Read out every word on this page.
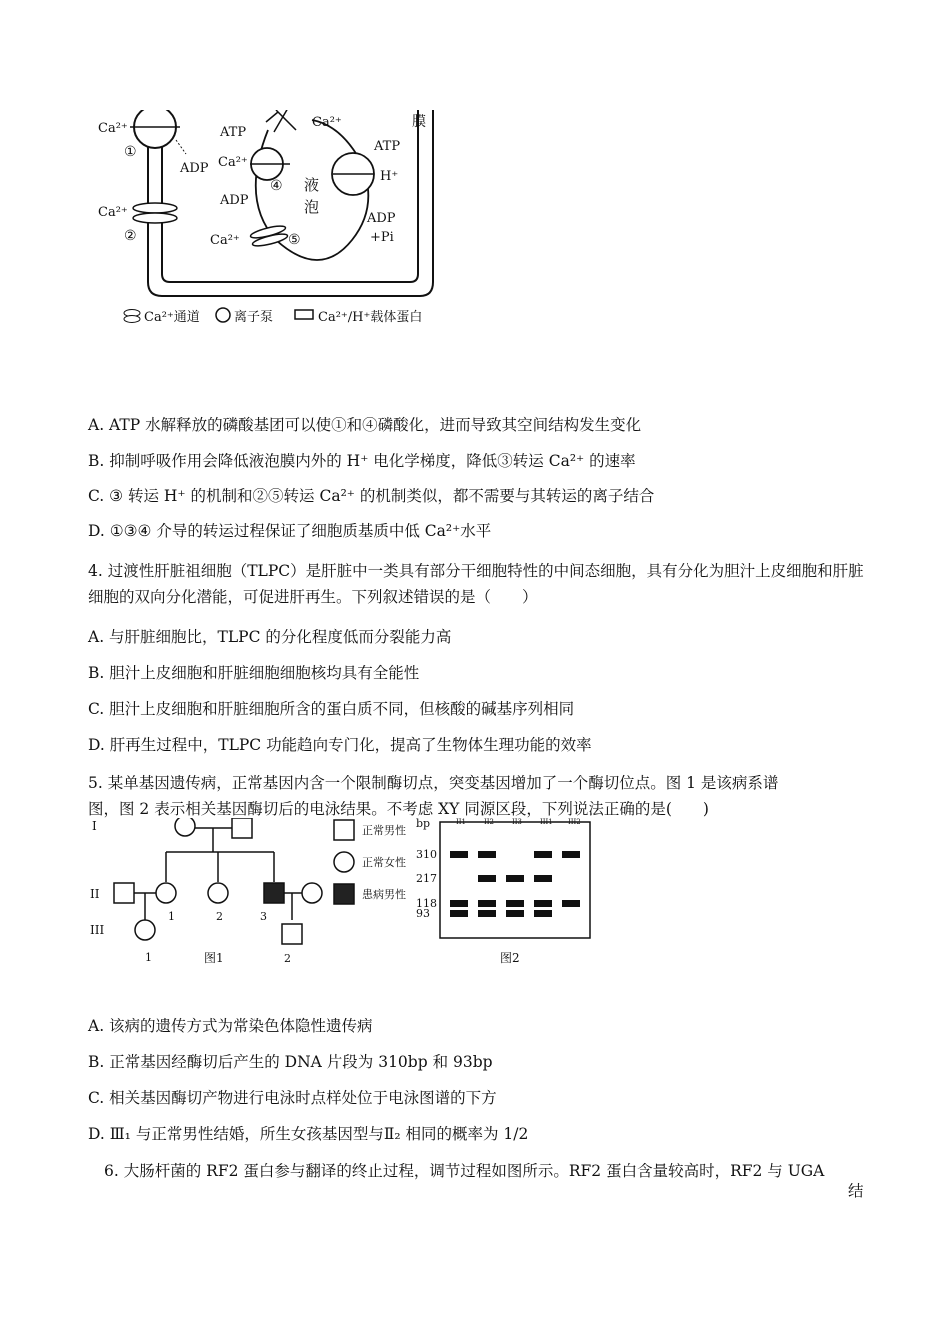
Ca²⁺
①
ADP
Ca²⁺
②
ATP
Ca²⁺
ADP
④
ATP
H⁺
ADP
+Pi
Ca²⁺
液
泡
Ca²⁺	⑤
膜
Ca²⁺通道	离子泵	Ca²⁺/H⁺载体蛋白
A. ATP 水解释放的磷酸基团可以使①和④磷酸化，进而导致其空间结构发生变化
B. 抑制呼吸作用会降低液泡膜内外的 H⁺ 电化学梯度，降低③转运 Ca²⁺ 的速率
C. ③ 转运 H⁺ 的机制和②⑤转运 Ca²⁺ 的机制类似，都不需要与其转运的离子结合
D. ①③④ 介导的转运过程保证了细胞质基质中低 Ca²⁺水平
4. 过渡性肝脏祖细胞（TLPC）是肝脏中一类具有部分干细胞特性的中间态细胞，具有分化为胆汁上皮细胞和肝脏细胞的双向分化潜能，可促进肝再生。下列叙述错误的是（　　）
A. 与肝脏细胞比，TLPC 的分化程度低而分裂能力高
B. 胆汁上皮细胞和肝脏细胞细胞核均具有全能性
C. 胆汁上皮细胞和肝脏细胞所含的蛋白质不同，但核酸的碱基序列相同
D. 肝再生过程中，TLPC 功能趋向专门化，提高了生物体生理功能的效率
5. 某单基因遗传病，正常基因内含一个限制酶切点，突变基因增加了一个酶切位点。图 1 是该病系谱
图，图 2 表示相关基因酶切后的电泳结果。不考虑 XY 同源区段，下列说法正确的是(　　)
I
II
III
1	2	3
1	2
图1
正常男性
正常女性
患病男性
bp
图2
II1	II2	II3	III1 III2
310
217
118
93
A. 该病的遗传方式为常染色体隐性遗传病
B. 正常基因经酶切后产生的 DNA 片段为 310bp 和 93bp
C. 相关基因酶切产物进行电泳时点样处位于电泳图谱的下方
D. Ⅲ₁ 与正常男性结婚，所生女孩基因型与Ⅱ₂ 相同的概率为 1/2
6. 大肠杆菌的 RF2 蛋白参与翻译的终止过程，调节过程如图所示。RF2 蛋白含量较高时，RF2 与 UGA
结
